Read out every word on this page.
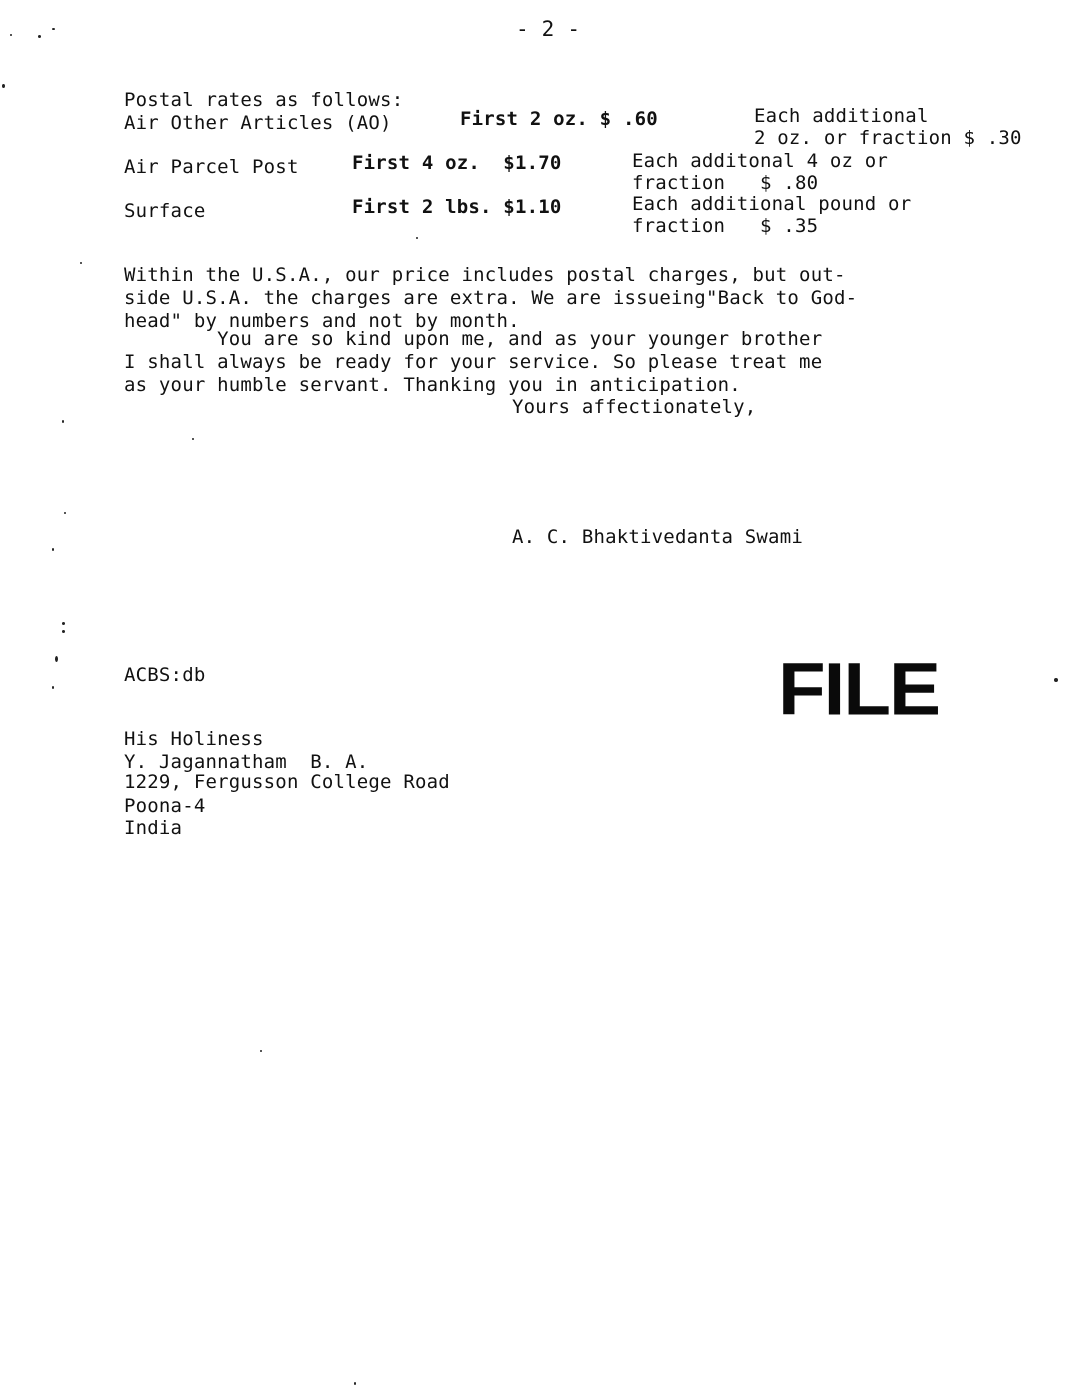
- 2 -
Postal rates as follows:
Air Other Articles (AO)	First 2 oz. $ .60	Each additional
2 oz. or fraction $ .30
Air Parcel Post	First 4 oz.  $1.70	Each additonal 4 oz or
fraction   $ .80
Surface	First 2 lbs. $1.10	Each additional pound or
fraction   $ .35
Within the U.S.A., our price includes postal charges, but out-
side U.S.A. the charges are extra. We are issueing"Back to God-
head" by numbers and not by month.
You are so kind upon me, and as your younger brother
I shall always be ready for your service. So please treat me
as your humble servant. Thanking you in anticipation.
Yours affectionately,
A. C. Bhaktivedanta Swami
ACBS:db	FILE
His Holiness
Y. Jagannatham  B. A.
1229, Fergusson College Road
Poona-4
India
